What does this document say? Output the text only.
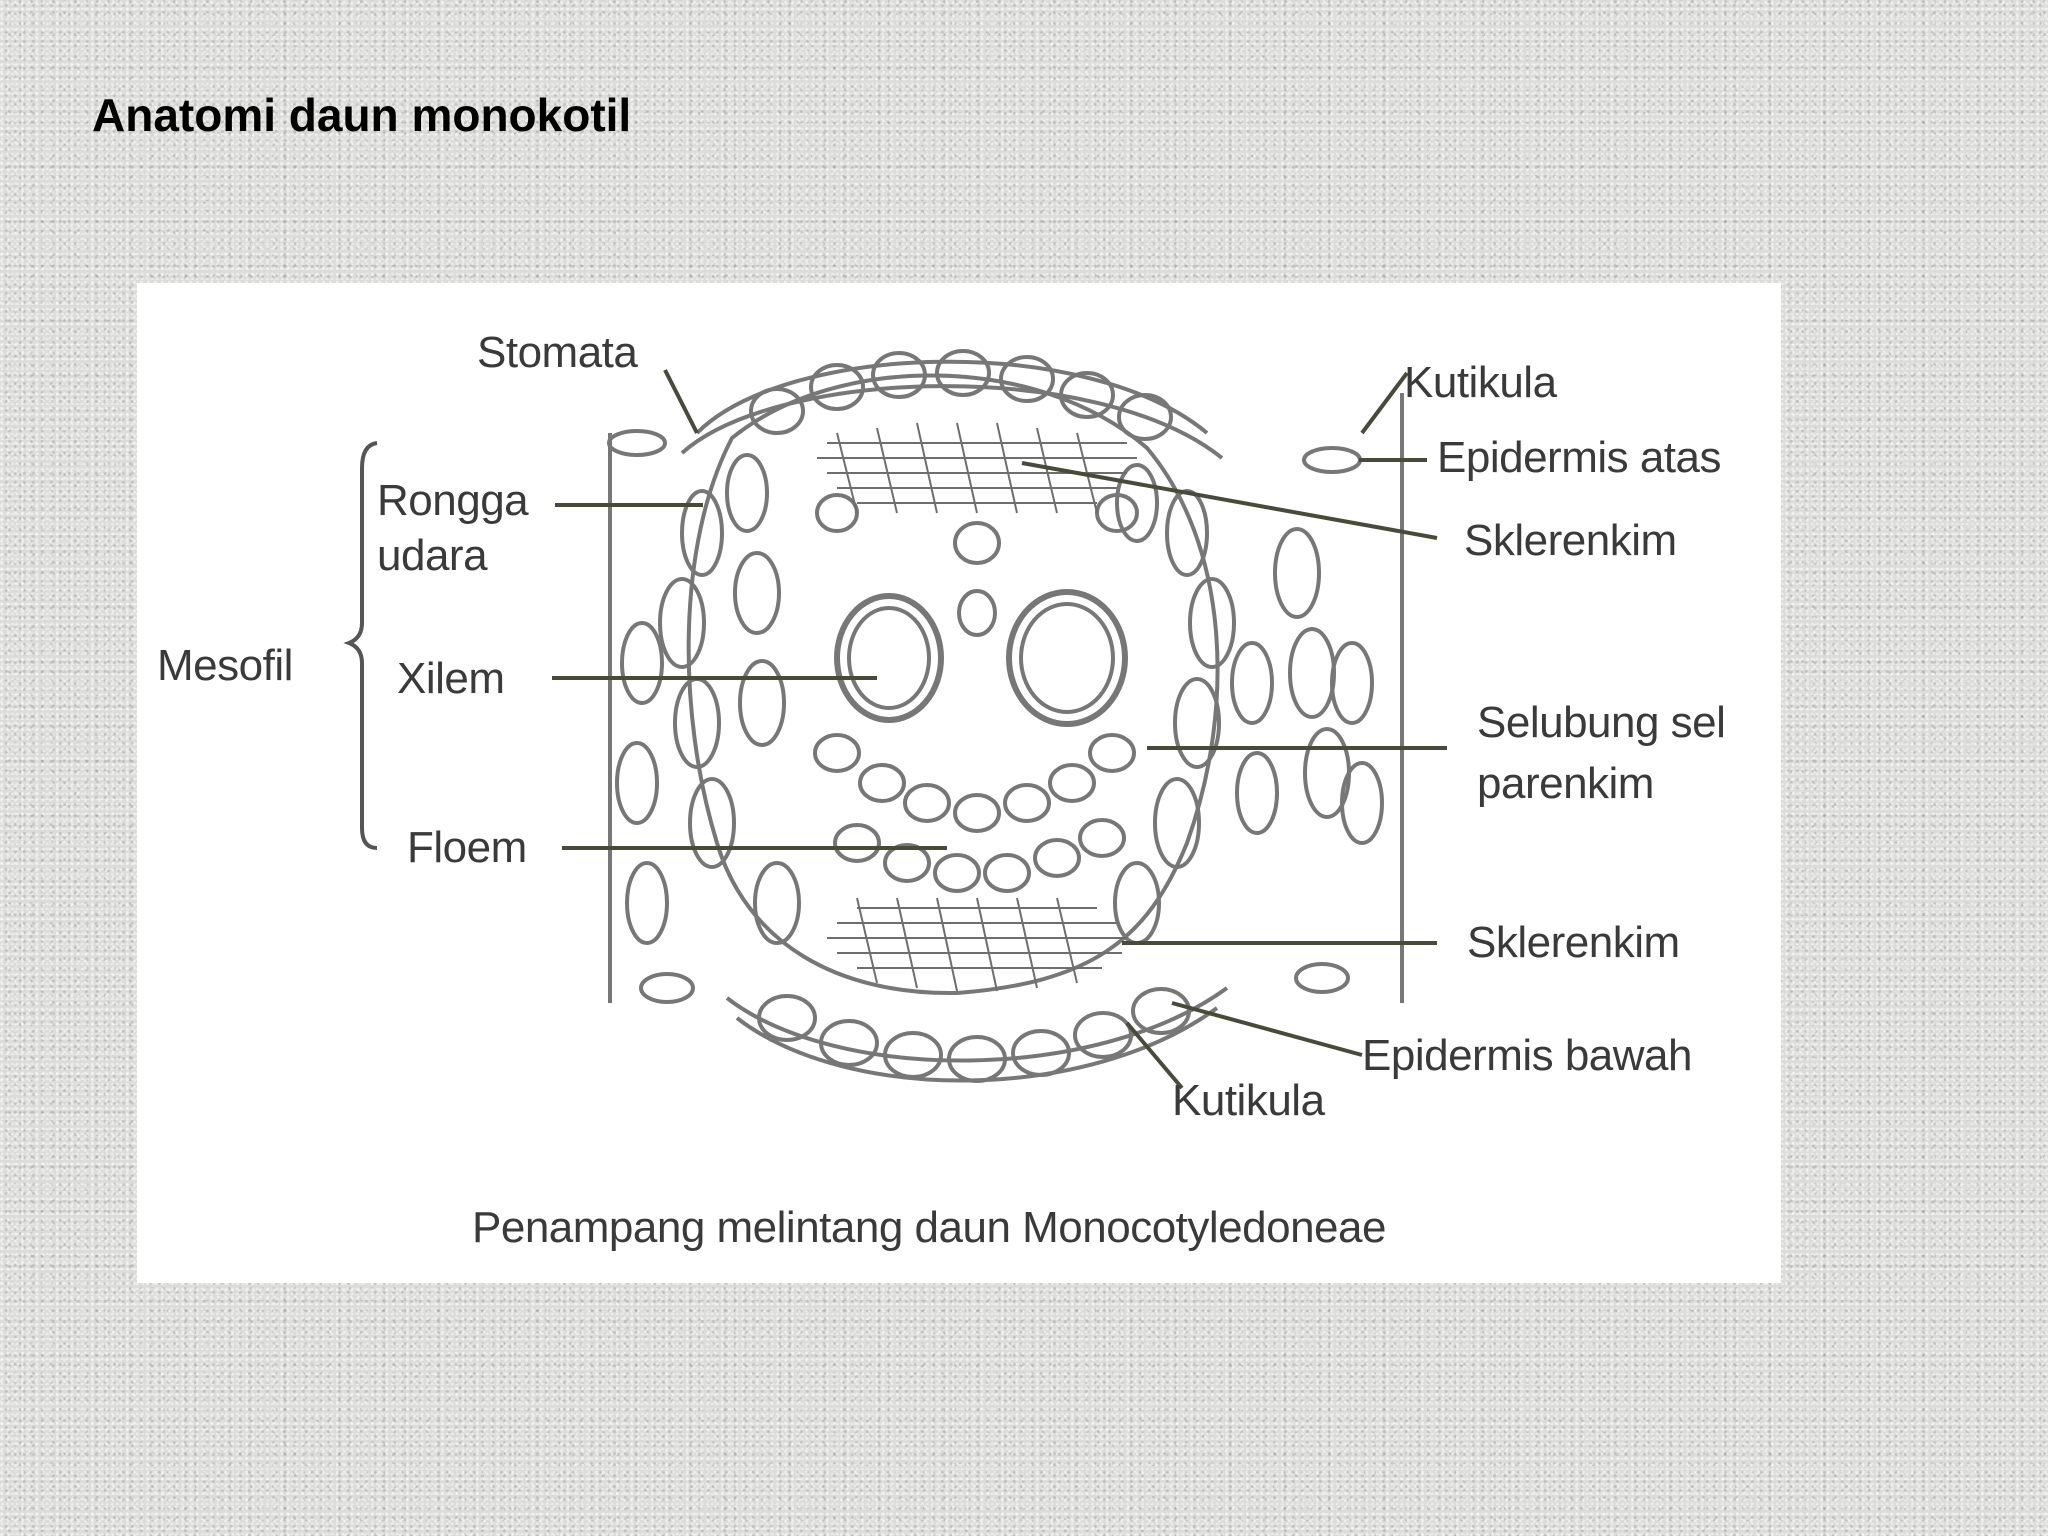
Anatomi daun monokotil
Stomata
Kutikula
Epidermis atas
Rongga
udara
Mesofil Xilem
Floem
Sklerenkim
Selubung sel
parenkim
Sklerenkim
Epidermis bawah
Kutikula
Penampang melintang daun Monocotyledoneae
